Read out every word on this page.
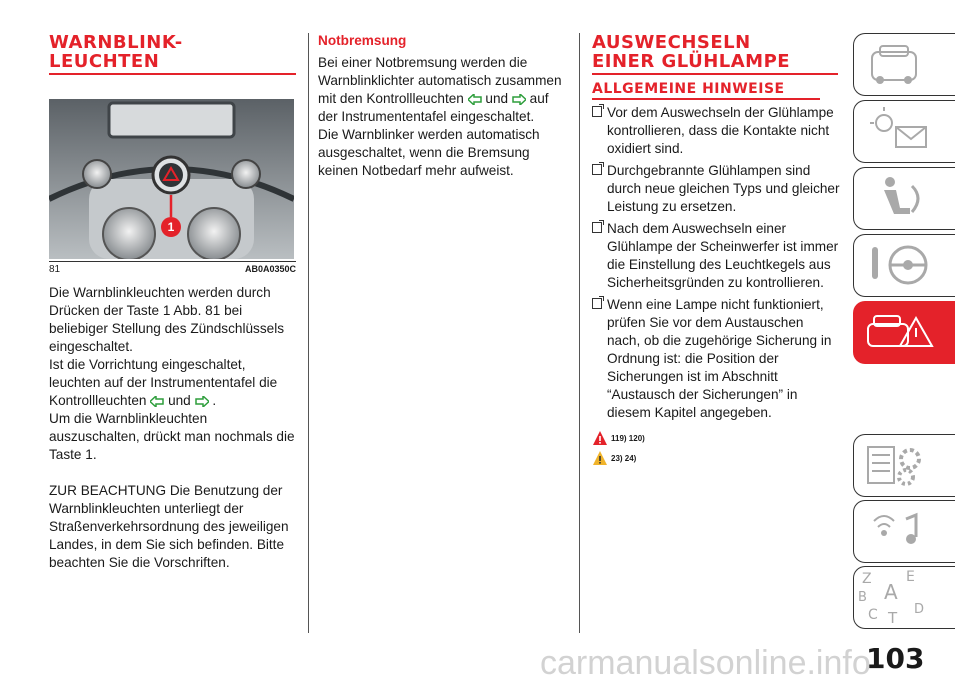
WARNBLINK-
LEUCHTEN
1
81	AB0A0350C

Die Warnblinkleuchten werden durch Drücken der Taste 1 Abb. 81 bei beliebiger Stellung des Zündschlüssels eingeschaltet.

Ist die Vorrichtung eingeschaltet, leuchten auf der Instrumententafel die Kontrollleuchten und .

Um die Warnblinkleuchten auszuschalten, drückt man nochmals die Taste 1.

ZUR BEACHTUNG Die Benutzung der Warnblinkleuchten unterliegt der Straßenverkehrsordnung des jeweiligen Landes, in dem Sie sich befinden. Bitte beachten Sie die Vorschriften.

Notbremsung

Bei einer Notbremsung werden die Warnblinklichter automatisch zusammen mit den Kontrollleuchten und auf der Instrumententafel eingeschaltet.

Die Warnblinker werden automatisch ausgeschaltet, wenn die Bremsung keinen Notbedarf mehr aufweist.

AUSWECHSELN
EINER GLÜHLAMPE
ALLGEMEINE HINWEISE

Vor dem Auswechseln der Glühlampe kontrollieren, dass die Kontakte nicht oxidiert sind.

Durchgebrannte Glühlampen sind durch neue gleichen Typs und gleicher Leistung zu ersetzen.

Nach dem Auswechseln einer Glühlampe der Scheinwerfer ist immer die Einstellung des Leuchtkegels aus Sicherheitsgründen zu kontrollieren.

Wenn eine Lampe nicht funktioniert, prüfen Sie vor dem Austauschen nach, ob die zugehörige Sicherung in Ordnung ist: die Position der Sicherungen ist im Abschnitt “Austausch der Sicherungen” in diesem Kapitel angegeben.

119) 120)
23) 24)
Z E
B A
C	D
T
carmanualsonline.info
103
